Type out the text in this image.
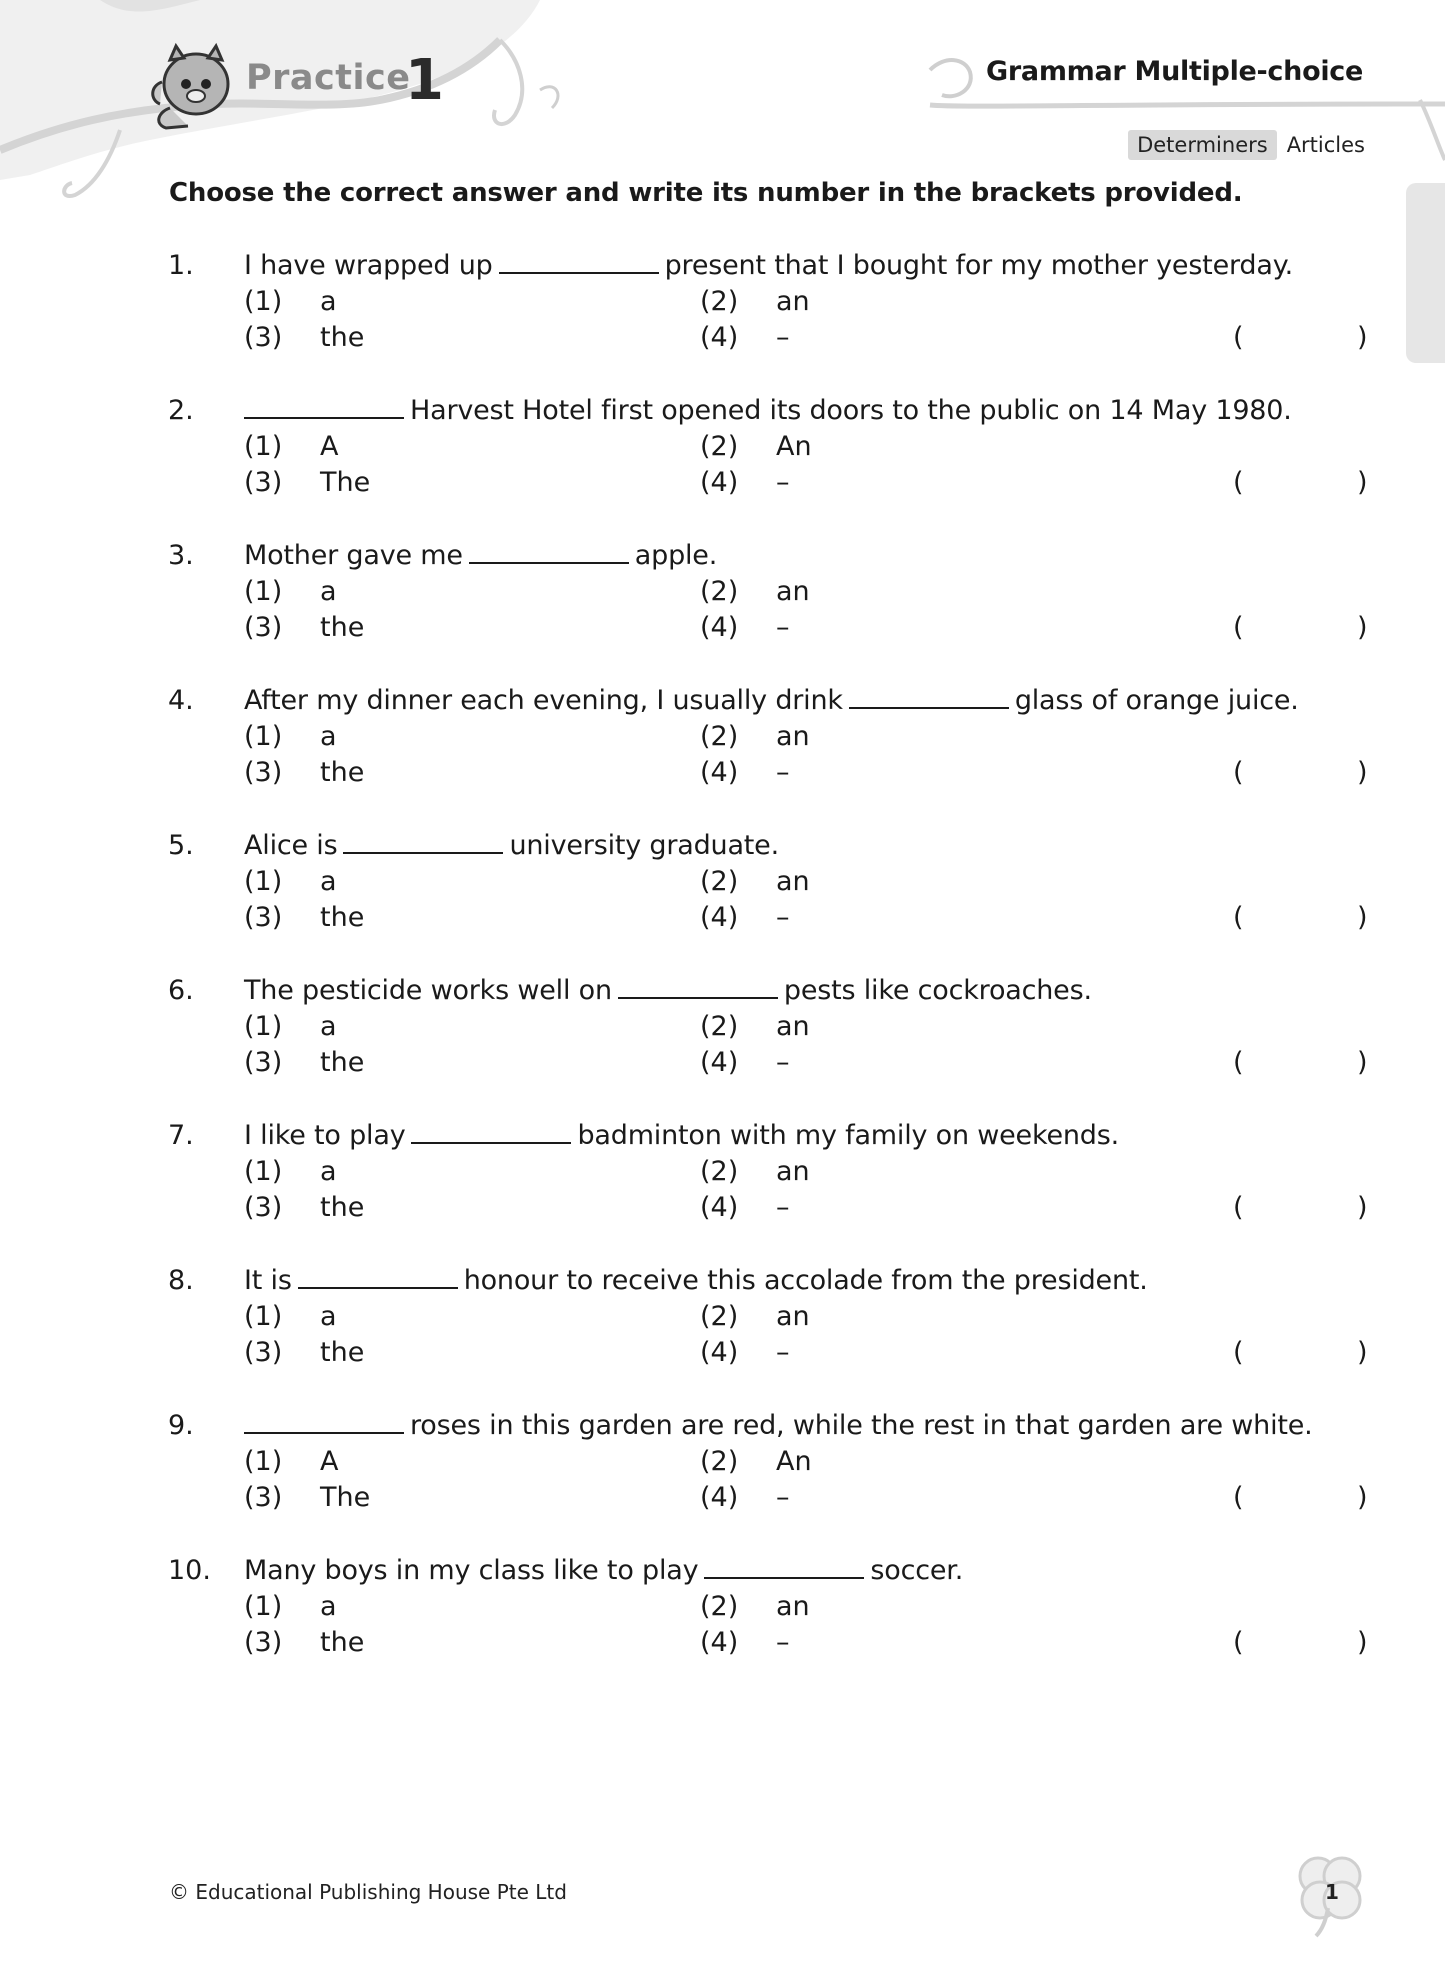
Practice
1	Grammar Multiple-choice
Determiners Articles
Choose the correct answer and write its number in the brackets provided.
1. I have wrapped up	present that I bought for my mother yesterday.
(1) a	(2) an
(3) the	(4) –	(	)
2.	Harvest Hotel first opened its doors to the public on 14 May 1980.
(1) A	(2) An
(3) The	(4) –	(	)
3. Mother gave me	apple.
(1) a	(2) an
(3) the	(4) –	(	)
4. After my dinner each evening, I usually drink	glass of orange juice.
(1) a	(2) an
(3) the	(4) –	(	)
5. Alice is	university graduate.
(1) a	(2) an
(3) the	(4) –	(	)
6. The pesticide works well on	pests like cockroaches.
(1) a	(2) an
(3) the	(4) –	(	)
7. I like to play	badminton with my family on weekends.
(1) a	(2) an
(3) the	(4) –	(	)
8. It is	honour to receive this accolade from the president.
(1) a	(2) an
(3) the	(4) –	(	)
9.	roses in this garden are red, while the rest in that garden are white.
(1) A	(2) An
(3) The	(4) –	(	)
10. Many boys in my class like to play	soccer.
(1) a	(2) an
(3) the	(4) –	(	)
© Educational Publishing House Pte Ltd	1
